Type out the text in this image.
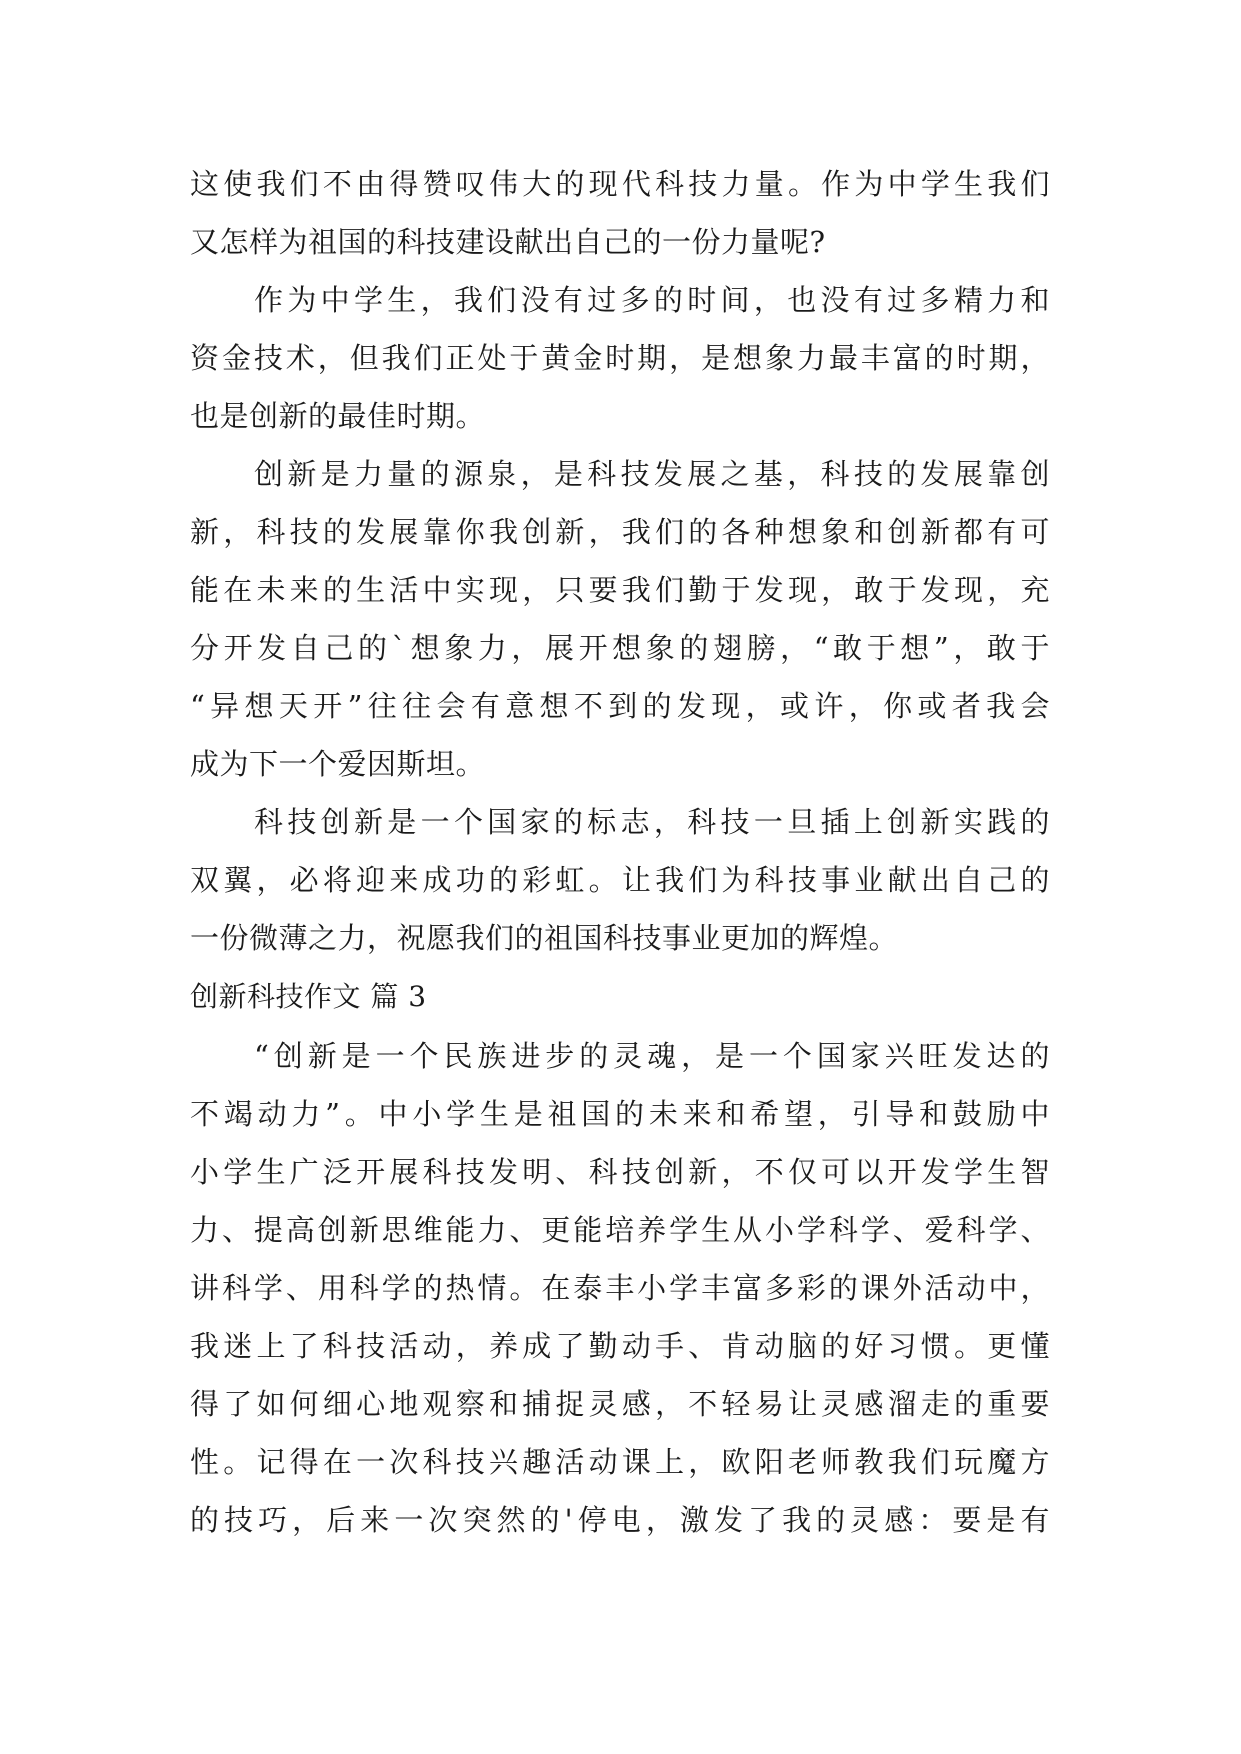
这使我们不由得赞叹伟大的现代科技力量。作为中学生我们
又怎样为祖国的科技建设献出自己的一份力量呢?
作为中学生，我们没有过多的时间，也没有过多精力和
资金技术，但我们正处于黄金时期，是想象力最丰富的时期，
也是创新的最佳时期。
创新是力量的源泉，是科技发展之基，科技的发展靠创
新，科技的发展靠你我创新，我们的各种想象和创新都有可
能在未来的生活中实现，只要我们勤于发现，敢于发现，充
分开发自己的`想象力，展开想象的翅膀，“敢于想”，敢于
“异想天开”往往会有意想不到的发现，或许，你或者我会
成为下一个爱因斯坦。
科技创新是一个国家的标志，科技一旦插上创新实践的
双翼，必将迎来成功的彩虹。让我们为科技事业献出自己的
一份微薄之力，祝愿我们的祖国科技事业更加的辉煌。
创新科技作文 篇 3
“创新是一个民族进步的灵魂，是一个国家兴旺发达的
不竭动力”。中小学生是祖国的未来和希望，引导和鼓励中
小学生广泛开展科技发明、科技创新，不仅可以开发学生智
力、提高创新思维能力、更能培养学生从小学科学、爱科学、
讲科学、用科学的热情。在泰丰小学丰富多彩的课外活动中，
我迷上了科技活动，养成了勤动手、肯动脑的好习惯。更懂
得了如何细心地观察和捕捉灵感，不轻易让灵感溜走的重要
性。记得在一次科技兴趣活动课上，欧阳老师教我们玩魔方
的技巧，后来一次突然的'停电，激发了我的灵感：要是有
